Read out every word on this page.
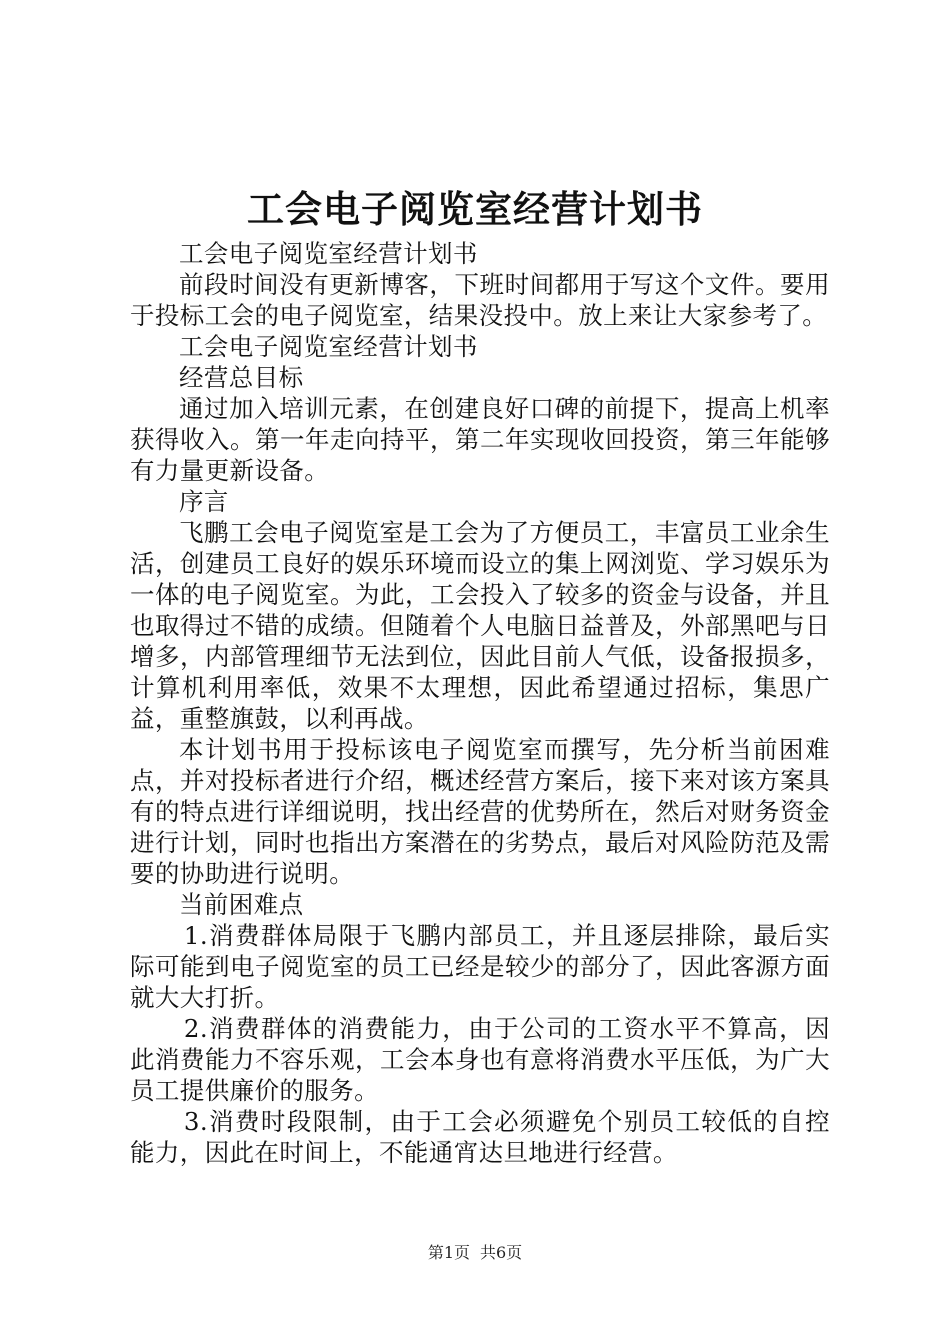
工会电子阅览室经营计划书

工会电子阅览室经营计划书

前段时间没有更新博客，下班时间都用于写这个文件。要用于投标工会的电子阅览室，结果没投中。放上来让大家参考了。

工会电子阅览室经营计划书

经营总目标

通过加入培训元素，在创建良好口碑的前提下，提高上机率获得收入。第一年走向持平，第二年实现收回投资，第三年能够有力量更新设备。

序言

飞鹏工会电子阅览室是工会为了方便员工，丰富员工业余生活，创建员工良好的娱乐环境而设立的集上网浏览、学习娱乐为一体的电子阅览室。为此，工会投入了较多的资金与设备，并且也取得过不错的成绩。但随着个人电脑日益普及，外部黑吧与日增多，内部管理细节无法到位，因此目前人气低，设备报损多，计算机利用率低，效果不太理想，因此希望通过招标，集思广益，重整旗鼓，以利再战。

本计划书用于投标该电子阅览室而撰写，先分析当前困难点，并对投标者进行介绍，概述经营方案后，接下来对该方案具有的特点进行详细说明，找出经营的优势所在，然后对财务资金进行计划，同时也指出方案潜在的劣势点，最后对风险防范及需要的协助进行说明。

当前困难点

1.消费群体局限于飞鹏内部员工，并且逐层排除，最后实际可能到电子阅览室的员工已经是较少的部分了，因此客源方面就大大打折。

2.消费群体的消费能力，由于公司的工资水平不算高，因此消费能力不容乐观，工会本身也有意将消费水平压低，为广大员工提供廉价的服务。

3.消费时段限制，由于工会必须避免个别员工较低的自控能力，因此在时间上，不能通宵达旦地进行经营。

第1页 共6页
